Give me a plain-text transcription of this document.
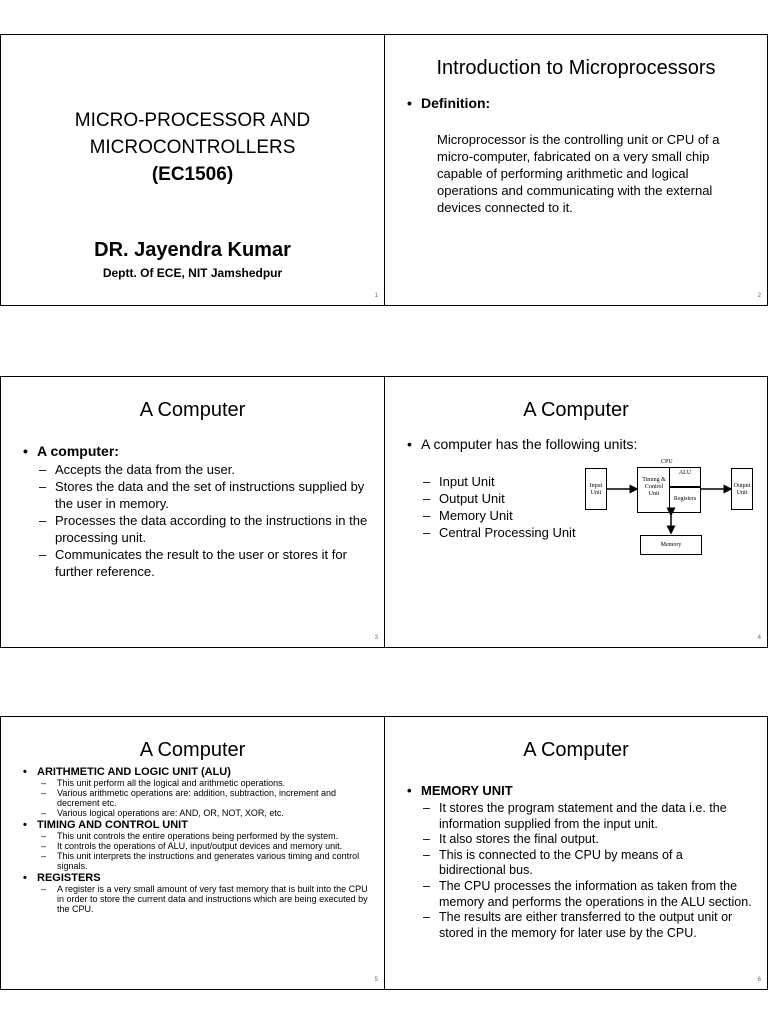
MICRO-PROCESSOR AND
MICROCONTROLLERS
(EC1506)
DR. Jayendra Kumar
Deptt. Of ECE, NIT Jamshedpur
1
Introduction to Microprocessors
• Definition:
Microprocessor is the controlling unit or CPU of a micro-computer, fabricated on a very small chip capable of performing arithmetic and logical operations and communicating with the external devices connected to it.
2
A Computer
• A computer:
– Accepts the data from the user.
– Stores the data and the set of instructions supplied by the user in memory.
– Processes the data according to the instructions in the processing unit.
– Communicates the result to the user or stores it for further reference.
3
A Computer
• A computer has the following units:
– Input Unit
– Output Unit
– Memory Unit
– Central Processing Unit
CPU
Input Unit
Timing & Control Unit
ALU
Registers
Output Unit
Memory
4
A Computer
• ARITHMETIC AND LOGIC UNIT (ALU)
– This unit perform all the logical and arithmetic operations.
– Various arithmetic operations are: addition, subtraction, increment and decrement etc.
– Various logical operations are: AND, OR, NOT, XOR, etc.
• TIMING AND CONTROL UNIT
– This unit controls the entire operations being performed by the system.
– It controls the operations of ALU, input/output devices and memory unit.
– This unit interprets the instructions and generates various timing and control signals.
• REGISTERS
– A register is a very small amount of very fast memory that is built into the CPU in order to store the current data and instructions which are being executed by the CPU.
5
A Computer
• MEMORY UNIT
– It stores the program statement and the data i.e. the information supplied from the input unit.
– It also stores the final output.
– This is connected to the CPU by means of a bidirectional bus.
– The CPU processes the information as taken from the memory and performs the operations in the ALU section.
– The results are either transferred to the output unit or stored in the memory for later use by the CPU.
6
